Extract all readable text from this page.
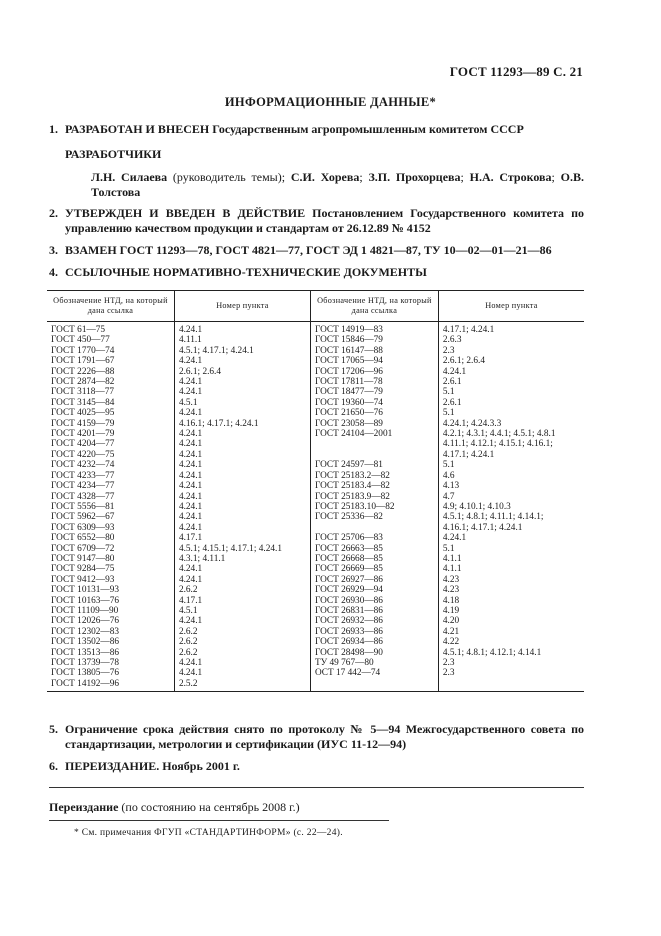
ГОСТ 11293—89 С. 21
ИНФОРМАЦИОННЫЕ ДАННЫЕ*
1. РАЗРАБОТАН И ВНЕСЕН Государственным агропромышленным комитетом СССР
РАЗРАБОТЧИКИ
Л.Н. Силаева (руководитель темы); С.И. Хорева; З.П. Прохорцева; Н.А. Строкова; О.В. Толстова
2. УТВЕРЖДЕН И ВВЕДЕН В ДЕЙСТВИЕ Постановлением Государственного комитета по управлению качеством продукции и стандартам от 26.12.89 № 4152
3. ВЗАМЕН ГОСТ 11293—78, ГОСТ 4821—77, ГОСТ ЭД 1 4821—87, ТУ 10—02—01—21—86
4. ССЫЛОЧНЫЕ НОРМАТИВНО-ТЕХНИЧЕСКИЕ ДОКУМЕНТЫ
Обозначение НТД, на который дана ссылка	Номер пункта	Обозначение НТД, на который дана ссылка	Номер пункта
ГОСТ 61—75	4.24.1	ГОСТ 14919—83	4.17.1; 4.24.1
ГОСТ 450—77	4.11.1	ГОСТ 15846—79	2.6.3
ГОСТ 1770—74	4.5.1; 4.17.1; 4.24.1	ГОСТ 16147—88	2.3
ГОСТ 1791—67	4.24.1	ГОСТ 17065—94	2.6.1; 2.6.4
ГОСТ 2226—88	2.6.1; 2.6.4	ГОСТ 17206—96	4.24.1
ГОСТ 2874—82	4.24.1	ГОСТ 17811—78	2.6.1
ГОСТ 3118—77	4.24.1	ГОСТ 18477—79	5.1
ГОСТ 3145—84	4.5.1	ГОСТ 19360—74	2.6.1
ГОСТ 4025—95	4.24.1	ГОСТ 21650—76	5.1
ГОСТ 4159—79	4.16.1; 4.17.1; 4.24.1	ГОСТ 23058—89	4.24.1; 4.24.3.3
ГОСТ 4201—79	4.24.1	ГОСТ 24104—2001	4.2.1; 4.3.1; 4.4.1; 4.5.1; 4.8.1
ГОСТ 4204—77	4.24.1		4.11.1; 4.12.1; 4.15.1; 4.16.1;
ГОСТ 4220—75	4.24.1		4.17.1; 4.24.1
ГОСТ 4232—74	4.24.1	ГОСТ 24597—81	5.1
ГОСТ 4233—77	4.24.1	ГОСТ 25183.2—82	4.6
ГОСТ 4234—77	4.24.1	ГОСТ 25183.4—82	4.13
ГОСТ 4328—77	4.24.1	ГОСТ 25183.9—82	4.7
ГОСТ 5556—81	4.24.1	ГОСТ 25183.10—82	4.9; 4.10.1; 4.10.3
ГОСТ 5962—67	4.24.1	ГОСТ 25336—82	4.5.1; 4.8.1; 4.11.1; 4.14.1;
ГОСТ 6309—93	4.24.1		4.16.1; 4.17.1; 4.24.1
ГОСТ 6552—80	4.17.1	ГОСТ 25706—83	4.24.1
ГОСТ 6709—72	4.5.1; 4.15.1; 4.17.1; 4.24.1	ГОСТ 26663—85	5.1
ГОСТ 9147—80	4.3.1; 4.11.1	ГОСТ 26668—85	4.1.1
ГОСТ 9284—75	4.24.1	ГОСТ 26669—85	4.1.1
ГОСТ 9412—93	4.24.1	ГОСТ 26927—86	4.23
ГОСТ 10131—93	2.6.2	ГОСТ 26929—94	4.23
ГОСТ 10163—76	4.17.1	ГОСТ 26930—86	4.18
ГОСТ 11109—90	4.5.1	ГОСТ 26831—86	4.19
ГОСТ 12026—76	4.24.1	ГОСТ 26932—86	4.20
ГОСТ 12302—83	2.6.2	ГОСТ 26933—86	4.21
ГОСТ 13502—86	2.6.2	ГОСТ 26934—86	4.22
ГОСТ 13513—86	2.6.2	ГОСТ 28498—90	4.5.1; 4.8.1; 4.12.1; 4.14.1
ГОСТ 13739—78	4.24.1	ТУ 49 767—80	2.3
ГОСТ 13805—76	4.24.1	ОСТ 17 442—74	2.3
ГОСТ 14192—96	2.5.2		
5. Ограничение срока действия снято по протоколу № 5—94 Межгосударственного совета по стандартизации, метрологии и сертификации (ИУС 11-12—94)
6. ПЕРЕИЗДАНИЕ. Ноябрь 2001 г.
Переиздание (по состоянию на сентябрь 2008 г.)
* См. примечания ФГУП «СТАНДАРТИНФОРМ» (с. 22—24).
